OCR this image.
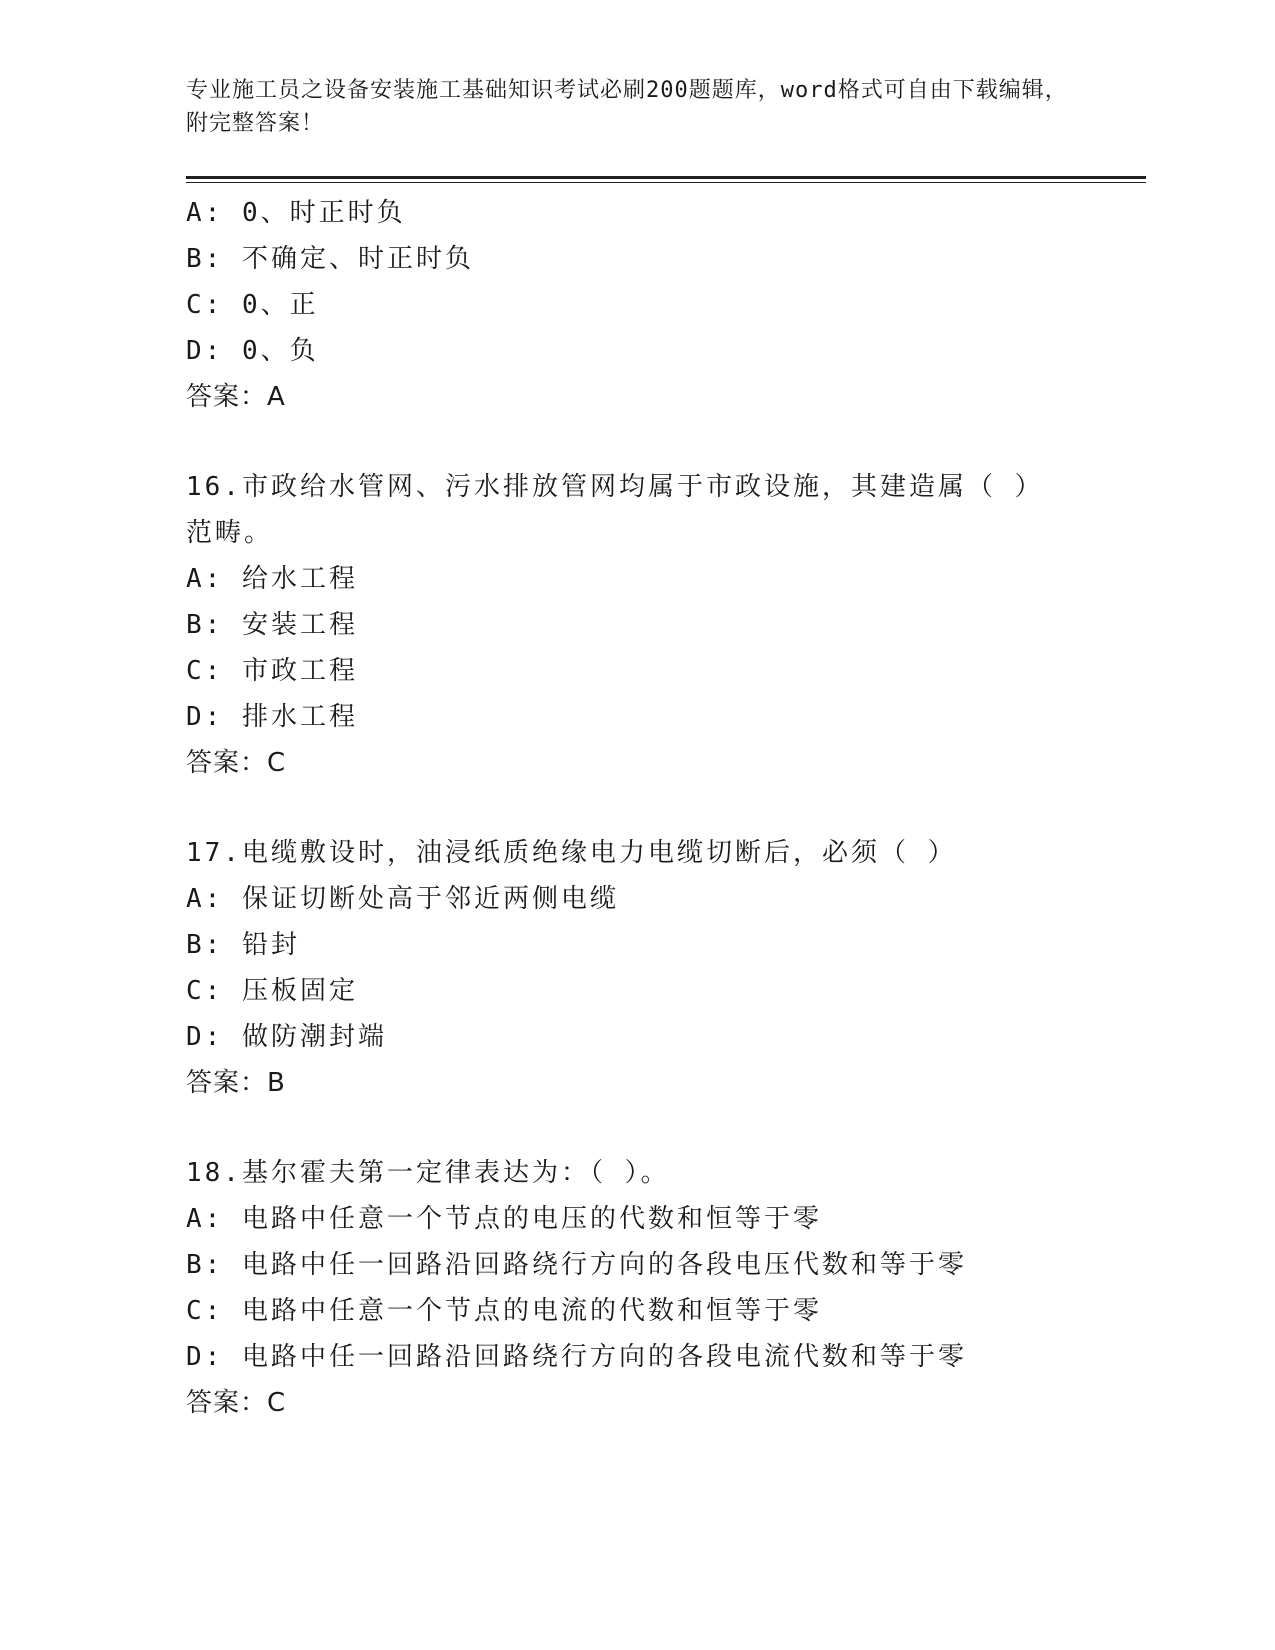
专业施工员之设备安装施工基础知识考试必刷200题题库，word格式可自由下载编辑，附完整答案！
A: 0、时正时负
B: 不确定、时正时负
C: 0、正
D: 0、负
答案：A
16.市政给水管网、污水排放管网均属于市政设施，其建造属（ ）范畴。
A: 给水工程
B: 安装工程
C: 市政工程
D: 排水工程
答案：C
17.电缆敷设时，油浸纸质绝缘电力电缆切断后，必须（ ）
A: 保证切断处高于邻近两侧电缆
B: 铅封
C: 压板固定
D: 做防潮封端
答案：B
18.基尔霍夫第一定律表达为：（ ）。
A: 电路中任意一个节点的电压的代数和恒等于零
B: 电路中任一回路沿回路绕行方向的各段电压代数和等于零
C: 电路中任意一个节点的电流的代数和恒等于零
D: 电路中任一回路沿回路绕行方向的各段电流代数和等于零
答案：C
